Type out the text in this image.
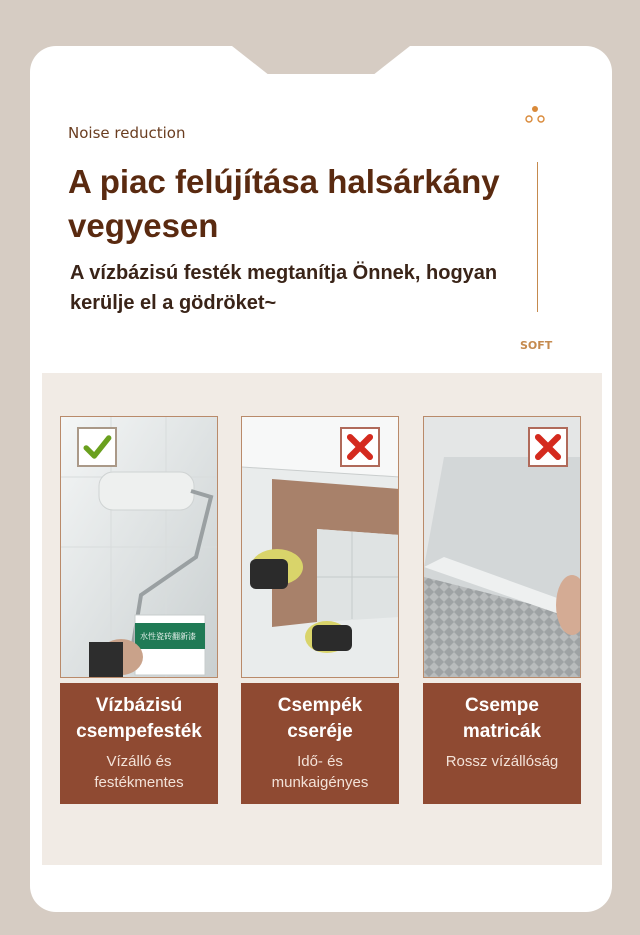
Noise reduction
A piac felújítása halsárkány vegyesen
A vízbázisú festék megtanítja Önnek, hogyan kerülje el a gödröket~
SOFT
水性瓷砖翻新漆
Vízbázisú csempefesték
Vízálló és festékmentes
Csempék cseréje
Idő- és munkaigényes
Csempe matricák
Rossz vízállóság
